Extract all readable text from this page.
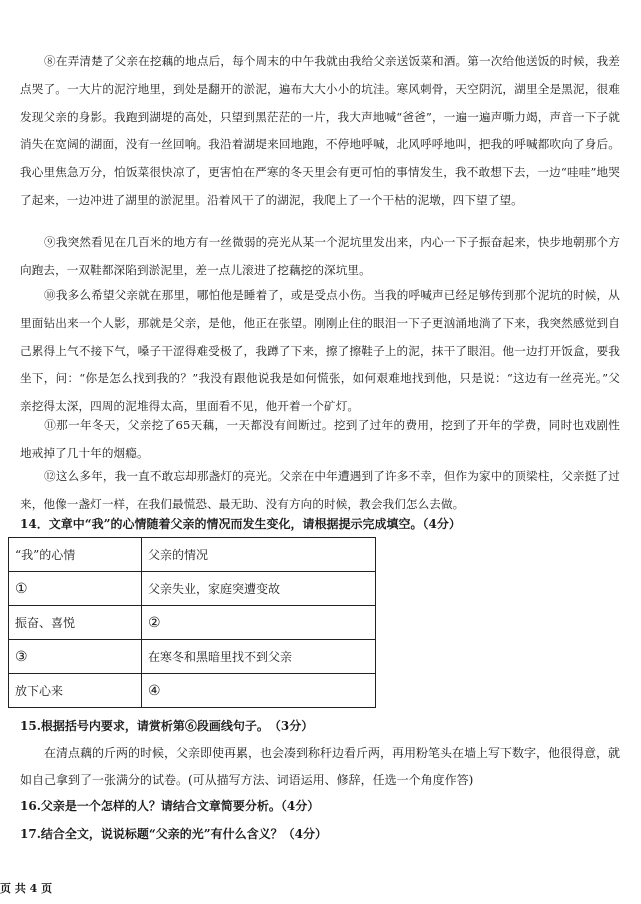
⑧在弄清楚了父亲在挖藕的地点后，每个周末的中午我就由我给父亲送饭菜和酒。第一次给他送饭的时候，我差点哭了。一大片的泥泞地里，到处是翻开的淤泥，遍布大大小小的坑洼。寒风刺骨，天空阴沉，湖里全是黑泥，很难发现父亲的身影。我跑到湖堤的高处，只望到黑茫茫的一片，我大声地喊“爸爸”，一遍一遍声嘶力竭，声音一下子就消失在宽阔的湖面，没有一丝回响。我沿着湖堤来回地跑，不停地呼喊，北风呼呼地叫，把我的呼喊都吹向了身后。我心里焦急万分，怕饭菜很快凉了，更害怕在严寒的冬天里会有更可怕的事情发生，我不敢想下去，一边“哇哇”地哭了起来，一边冲进了湖里的淤泥里。沿着风干了的湖泥，我爬上了一个干枯的泥墩，四下望了望。

⑨我突然看见在几百米的地方有一丝微弱的亮光从某一个泥坑里发出来，内心一下子振奋起来，快步地朝那个方向跑去，一双鞋都深陷到淤泥里，差一点儿滚进了挖藕挖的深坑里。

⑩我多么希望父亲就在那里，哪怕他是睡着了，或是受点小伤。当我的呼喊声已经足够传到那个泥坑的时候，从里面钻出来一个人影，那就是父亲，是他，他正在张望。刚刚止住的眼泪一下子更汹涌地淌了下来，我突然感觉到自己累得上气不接下气，嗓子干涩得难受极了，我蹲了下来，擦了擦鞋子上的泥，抹干了眼泪。他一边打开饭盒，要我坐下，问：“你是怎么找到我的？”我没有跟他说我是如何慌张，如何艰难地找到他，只是说：“这边有一丝亮光。”父亲挖得太深，四周的泥堆得太高，里面看不见，他开着一个矿灯。

⑪那一年冬天，父亲挖了65天藕，一天都没有间断过。挖到了过年的费用，挖到了开年的学费，同时也戏剧性地戒掉了几十年的烟瘾。

⑫这么多年，我一直不敢忘却那盏灯的亮光。父亲在中年遭遇到了许多不幸，但作为家中的顶梁柱，父亲挺了过来，他像一盏灯一样，在我们最慌恐、最无助、没有方向的时候，教会我们怎么去做。

14．文章中“我”的心情随着父亲的情况而发生变化，请根据提示完成填空。（4分）

“我”的心情	父亲的情况
①	父亲失业，家庭突遭变故
振奋、喜悦	②
③	在寒冬和黑暗里找不到父亲
放下心来	④

15.根据括号内要求，请赏析第⑥段画线句子。　（3分）

在清点藕的斤两的时候，父亲即使再累，也会凑到称秆边看斤两，再用粉笔头在墙上写下数字，他很得意，就如自己拿到了一张满分的试卷。(可从描写方法、词语运用、修辞，任选一个角度作答)

16.父亲是一个怎样的人？请结合文章简要分析。（4分）

17.结合全文，说说标题“父亲的光”有什么含义？（4分）

页 共 4 页
